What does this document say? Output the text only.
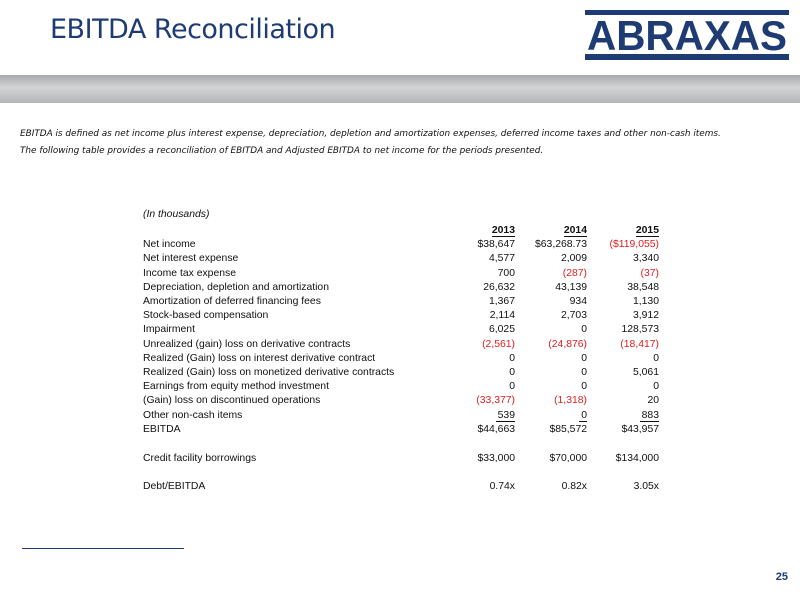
EBITDA Reconciliation	ABRAXAS

EBITDA is defined as net income plus interest expense, depreciation, depletion and amortization expenses, deferred income taxes and other non-cash items.

The following table provides a reconciliation of EBITDA and Adjusted EBITDA to net income for the periods presented.

(In thousands)
	2013	2014	2015
Net income	$38,647	$63,268.73	($119,055)
Net interest expense	4,577	2,009	3,340
Income tax expense	700	(287)	(37)
Depreciation, depletion and amortization	26,632	43,139	38,548
Amortization of deferred financing fees	1,367	934	1,130
Stock-based compensation	2,114	2,703	3,912
Impairment	6,025	0	128,573
Unrealized (gain) loss on derivative contracts	(2,561)	(24,876)	(18,417)
Realized (Gain) loss on interest derivative contract	0	0	0
Realized (Gain) loss on monetized derivative contracts	0	0	5,061
Earnings from equity method investment	0	0	0
(Gain) loss on discontinued operations	(33,377)	(1,318)	20
Other non-cash items	539	0	883
EBITDA	$44,663	$85,572	$43,957

Credit facility borrowings	$33,000	$70,000	$134,000

Debt/EBITDA	0.74x	0.82x	3.05x
25
